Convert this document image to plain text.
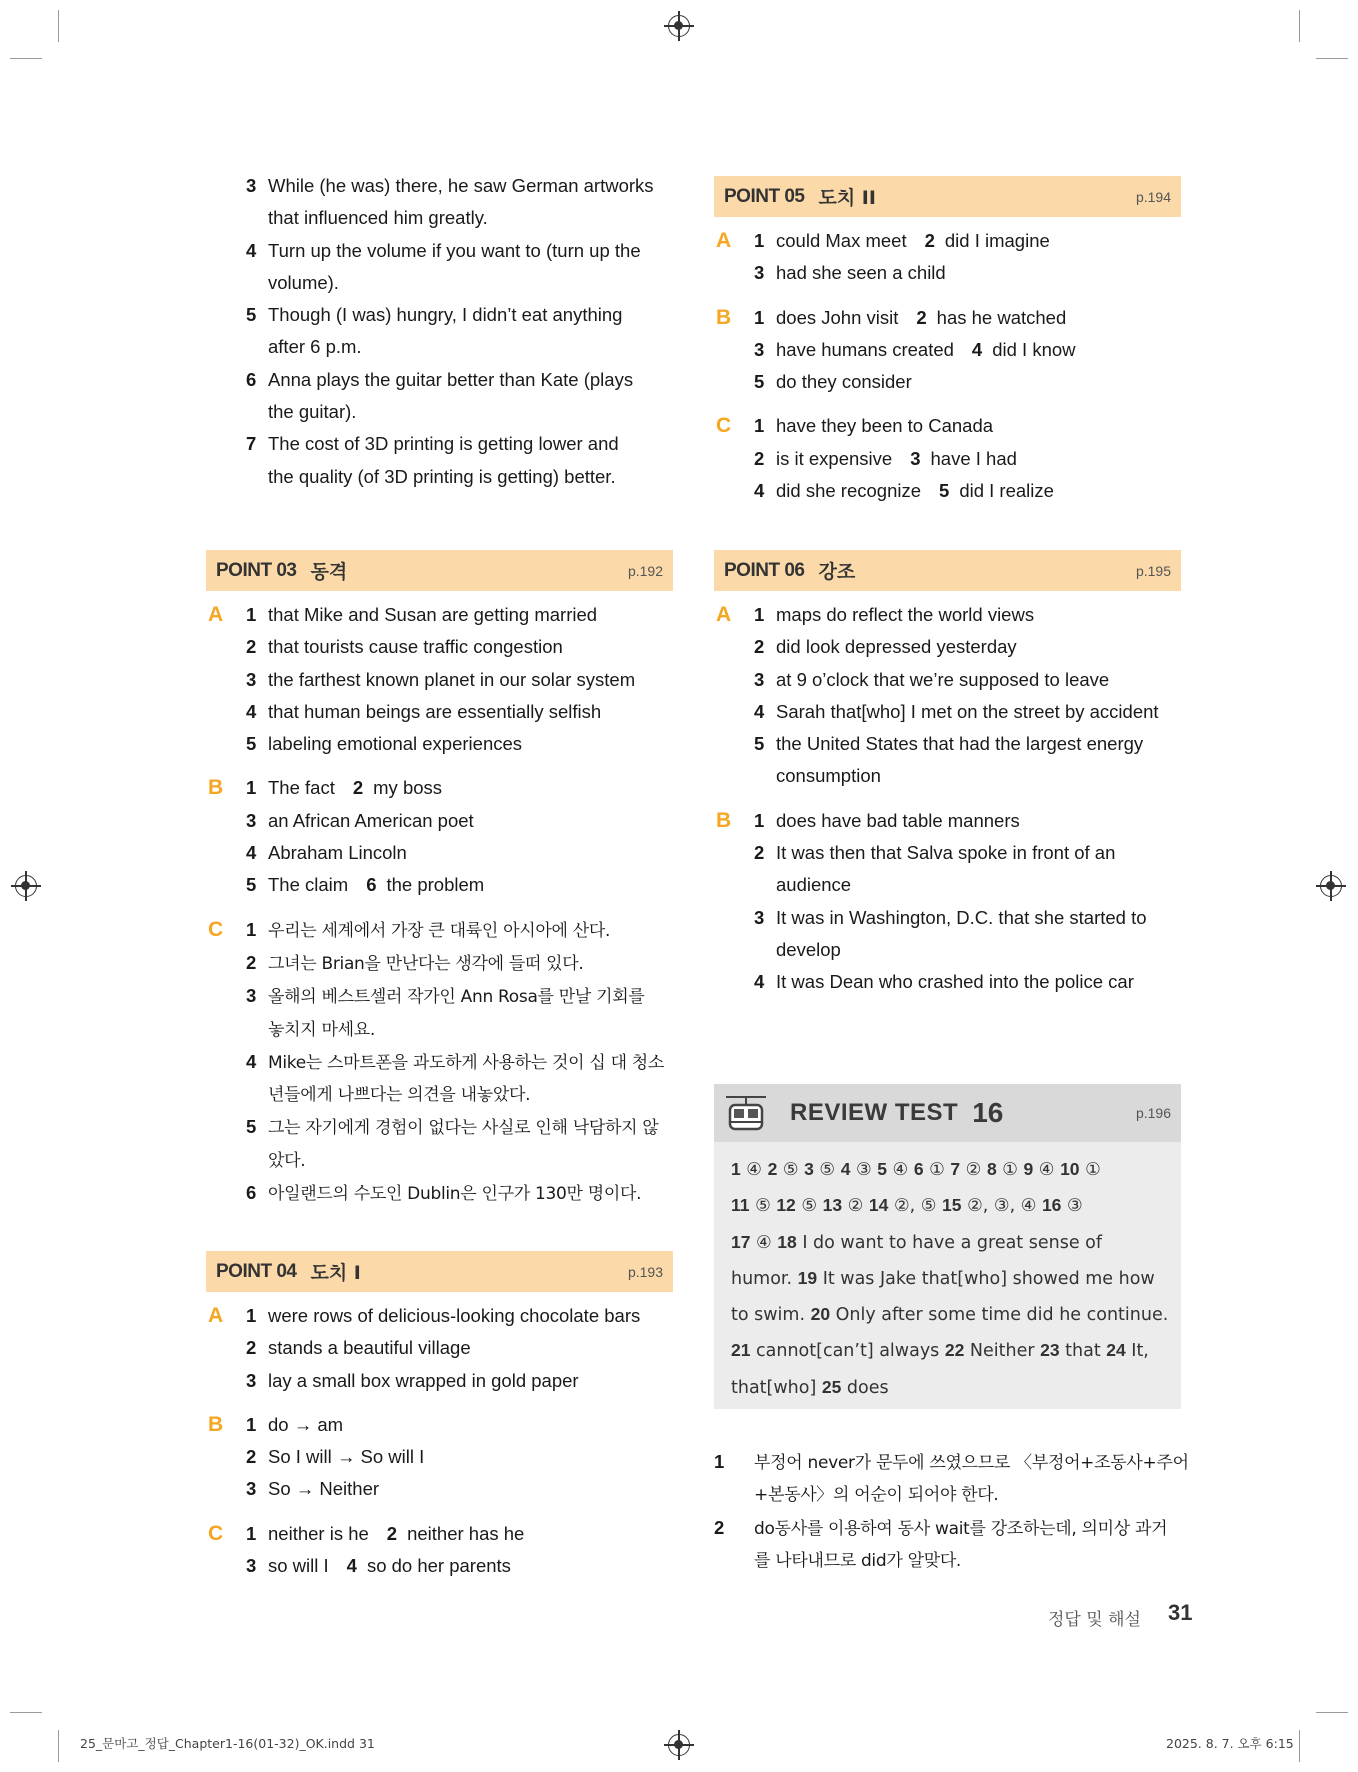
3 While (he was) there, he saw German artworks
that influenced him greatly.
4 Turn up the volume if you want to (turn up the
volume).
5 Though (I was) hungry, I didn’t eat anything
after 6 p.m.
6 Anna plays the guitar better than Kate (plays
the guitar).
7 The cost of 3D printing is getting lower and
the quality (of 3D printing is getting) better.
POINT 03 동격	p.192
A 1 that Mike and Susan are getting married
2 that tourists cause traffic congestion
3 the farthest known planet in our solar system
4 that human beings are essentially selfish
5 labeling emotional experiences
B 1 The fact 2 my boss
3 an African American poet
4 Abraham Lincoln
5 The claim 6 the problem
C 1 우리는 세계에서 가장 큰 대륙인 아시아에 산다.
2 그녀는 Brian을 만난다는 생각에 들떠 있다.
3 올해의 베스트셀러 작가인 Ann Rosa를 만날 기회를
놓치지 마세요.
4 Mike는 스마트폰을 과도하게 사용하는 것이 십 대 청소
년들에게 나쁘다는 의견을 내놓았다.
5 그는 자기에게 경험이 없다는 사실로 인해 낙담하지 않
았다.
6 아일랜드의 수도인 Dublin은 인구가 130만 명이다.
POINT 04 도치 I	p.193
A 1 were rows of delicious-looking chocolate bars
2 stands a beautiful village
3 lay a small box wrapped in gold paper
B 1 do → am
2 So I will → So will I
3 So → Neither
C 1 neither is he 2 neither has he
3 so will I 4 so do her parents
POINT 05 도치 II	p.194
A 1 could Max meet 2 did I imagine
3 had she seen a child
B 1 does John visit 2 has he watched
3 have humans created 4 did I know
5 do they consider
C 1 have they been to Canada
2 is it expensive 3 have I had
4 did she recognize 5 did I realize
POINT 06 강조	p.195
A 1 maps do reflect the world views
2 did look depressed yesterday
3 at 9 o’clock that we’re supposed to leave
4 Sarah that[who] I met on the street by accident
5 the United States that had the largest energy
consumption
B 1 does have bad table manners
2 It was then that Salva spoke in front of an
audience
3 It was in Washington, D.C. that she started to
develop
4 It was Dean who crashed into the police car
REVIEW TEST 16	p.196
1 ④ 2 ⑤ 3 ⑤ 4 ③ 5 ④ 6 ① 7 ② 8 ① 9 ④ 10 ①
11 ⑤ 12 ⑤ 13 ② 14 ②, ⑤ 15 ②, ③, ④ 16 ③
17 ④ 18 I do want to have a great sense of
humor. 19 It was Jake that[who] showed me how
to swim. 20 Only after some time did he continue.
21 cannot[can’t] always 22 Neither 23 that 24 It,
that[who] 25 does
1	부정어 never가 문두에 쓰였으므로 〈부정어+조동사+주어
+본동사〉의 어순이 되어야 한다.
2	do동사를 이용하여 동사 wait를 강조하는데, 의미상 과거
를 나타내므로 did가 알맞다.
정답 및 해설 31
25_문마고_정답_Chapter1-16(01-32)_OK.indd 31	2025. 8. 7. 오후 6:15
